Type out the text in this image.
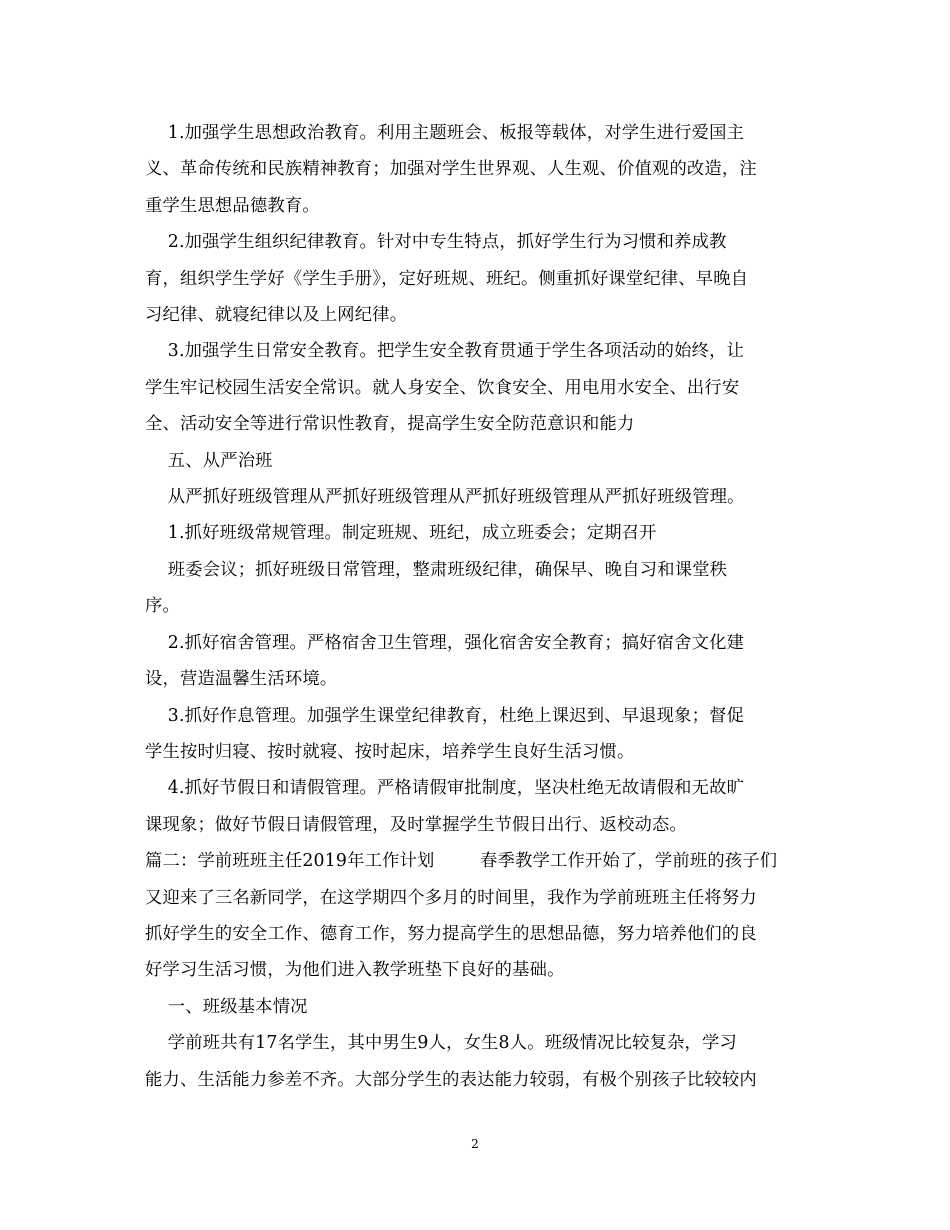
1.加强学生思想政治教育。利用主题班会、板报等载体，对学生进行爱国主

义、革命传统和民族精神教育；加强对学生世界观、人生观、价值观的改造，注

重学生思想品德教育。

2.加强学生组织纪律教育。针对中专生特点，抓好学生行为习惯和养成教

育，组织学生学好《学生手册》，定好班规、班纪。侧重抓好课堂纪律、早晚自

习纪律、就寝纪律以及上网纪律。

3.加强学生日常安全教育。把学生安全教育贯通于学生各项活动的始终，让

学生牢记校园生活安全常识。就人身安全、饮食安全、用电用水安全、出行安

全、活动安全等进行常识性教育，提高学生安全防范意识和能力

五、从严治班

从严抓好班级管理从严抓好班级管理从严抓好班级管理从严抓好班级管理。

1.抓好班级常规管理。制定班规、班纪，成立班委会；定期召开

班委会议；抓好班级日常管理，整肃班级纪律，确保早、晚自习和课堂秩

序。

2.抓好宿舍管理。严格宿舍卫生管理，强化宿舍安全教育；搞好宿舍文化建

设，营造温馨生活环境。

3.抓好作息管理。加强学生课堂纪律教育，杜绝上课迟到、早退现象；督促

学生按时归寝、按时就寝、按时起床，培养学生良好生活习惯。

4.抓好节假日和请假管理。严格请假审批制度，坚决杜绝无故请假和无故旷

课现象；做好节假日请假管理，及时掌握学生节假日出行、返校动态。

篇二：学前班班主任2019年工作计划        春季教学工作开始了，学前班的孩子们

又迎来了三名新同学，在这学期四个多月的时间里，我作为学前班班主任将努力

抓好学生的安全工作、德育工作，努力提高学生的思想品德，努力培养他们的良

好学习生活习惯，为他们进入教学班垫下良好的基础。

一、班级基本情况

学前班共有17名学生，其中男生9人，女生8人。班级情况比较复杂，学习

能力、生活能力参差不齐。大部分学生的表达能力较弱，有极个别孩子比较较内

2
